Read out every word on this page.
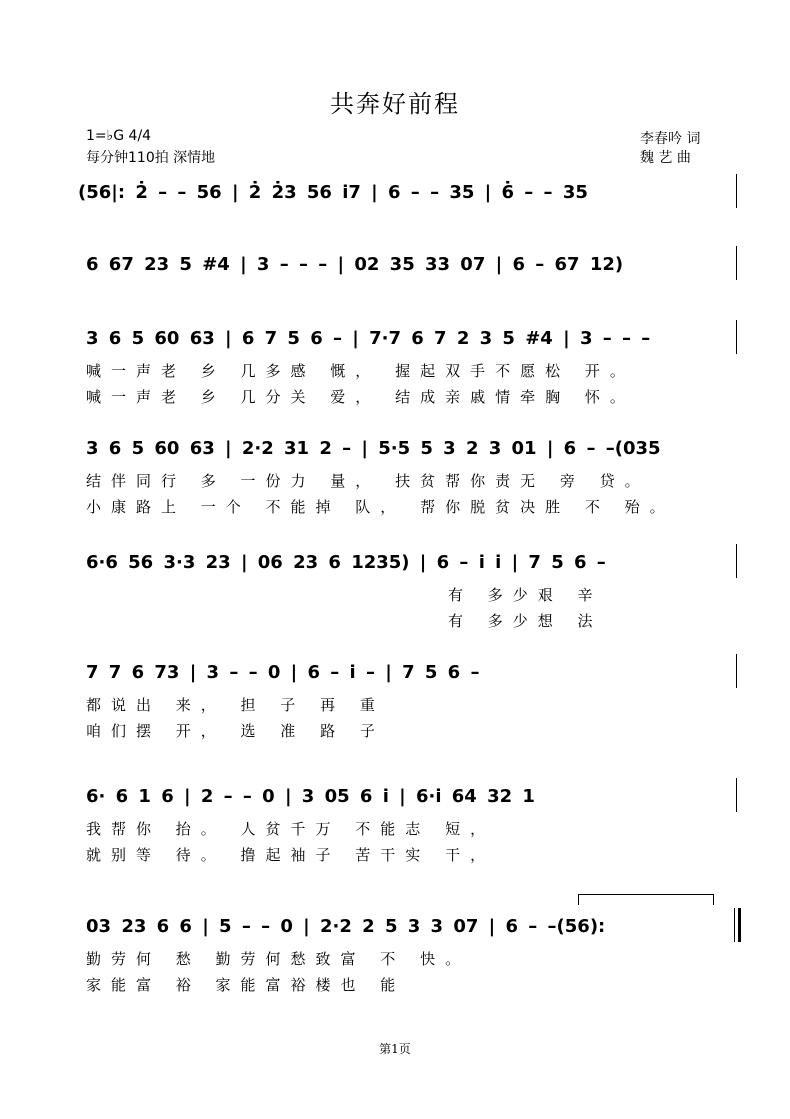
共奔好前程
1=♭G 4/4
每分钟110拍 深情地
李春吟 词
魏 艺 曲
(56|: 2̇ – – 56 | 2̇ 2̇3 56 i7 | 6 – – 35 | 6̇ – – 35
6 67 23 5 #4 | 3 – – – | 02 35 33 07 | 6 – 67 12)
3 6 5 60 63 | 6 7 5 6 – | 7·7 6 7 2 3 5 #4 | 3 – – –
喊一声老 乡 几多感 慨， 握起双手不愿松 开。
喊一声老 乡 几分关 爱， 结成亲戚情牵胸 怀。
3 6 5 60 63 | 2·2 31 2 – | 5·5 5 3 2 3 01 | 6 – –(035
结伴同行 多 一份力 量， 扶贫帮你责无 旁 贷。
小康路上 一个 不能掉 队， 帮你脱贫决胜 不 殆。
6·6 56 3·3 23 | 06 23 6 1235) | 6 – i i | 7 5 6 –
有 多少艰 辛
有 多少想 法
7 7 6 73 | 3 – – 0 | 6 – i – | 7 5 6 –
都说出 来， 担 子 再 重
咱们摆 开， 选 准 路 子
6· 6 1 6 | 2 – – 0 | 3 05 6 i | 6·i 64 32 1
我帮你 抬。 人贫千万 不能志 短，
就别等 待。 撸起袖子 苦干实 干，
03 23 6 6 | 5 – – 0 | 2·2 2 5 3 3 07 | 6 – –(56):
勤劳何 愁 勤劳何愁致富 不 快。
家能富 裕 家能富裕楼也 能
第1页
